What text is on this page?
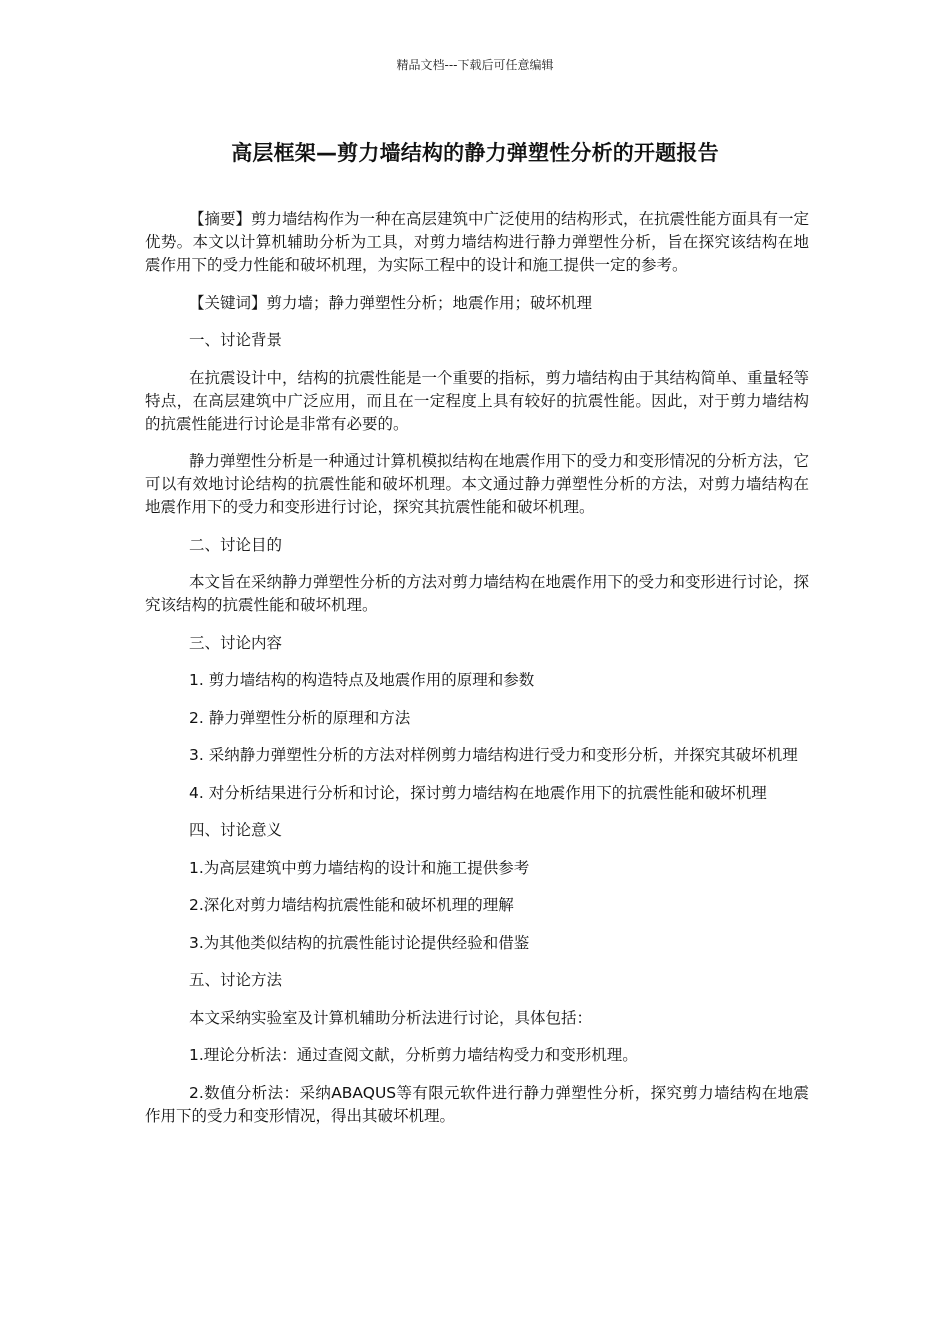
精品文档---下载后可任意编辑
高层框架—剪力墙结构的静力弹塑性分析的开题报告

【摘要】剪力墙结构作为一种在高层建筑中广泛使用的结构形式，在抗震性能方面具有一定优势。本文以计算机辅助分析为工具，对剪力墙结构进行静力弹塑性分析，旨在探究该结构在地震作用下的受力性能和破坏机理，为实际工程中的设计和施工提供一定的参考。

【关键词】剪力墙；静力弹塑性分析；地震作用；破坏机理

一、讨论背景

在抗震设计中，结构的抗震性能是一个重要的指标，剪力墙结构由于其结构简单、重量轻等特点，在高层建筑中广泛应用，而且在一定程度上具有较好的抗震性能。因此，对于剪力墙结构的抗震性能进行讨论是非常有必要的。

静力弹塑性分析是一种通过计算机模拟结构在地震作用下的受力和变形情况的分析方法，它可以有效地讨论结构的抗震性能和破坏机理。本文通过静力弹塑性分析的方法，对剪力墙结构在地震作用下的受力和变形进行讨论，探究其抗震性能和破坏机理。

二、讨论目的

本文旨在采纳静力弹塑性分析的方法对剪力墙结构在地震作用下的受力和变形进行讨论，探究该结构的抗震性能和破坏机理。

三、讨论内容

1. 剪力墙结构的构造特点及地震作用的原理和参数

2. 静力弹塑性分析的原理和方法

3. 采纳静力弹塑性分析的方法对样例剪力墙结构进行受力和变形分析，并探究其破坏机理

4. 对分析结果进行分析和讨论，探讨剪力墙结构在地震作用下的抗震性能和破坏机理

四、讨论意义

1.为高层建筑中剪力墙结构的设计和施工提供参考

2.深化对剪力墙结构抗震性能和破坏机理的理解

3.为其他类似结构的抗震性能讨论提供经验和借鉴

五、讨论方法

本文采纳实验室及计算机辅助分析法进行讨论，具体包括：

1.理论分析法：通过查阅文献，分析剪力墙结构受力和变形机理。

2.数值分析法：采纳ABAQUS等有限元软件进行静力弹塑性分析，探究剪力墙结构在地震作用下的受力和变形情况，得出其破坏机理。
